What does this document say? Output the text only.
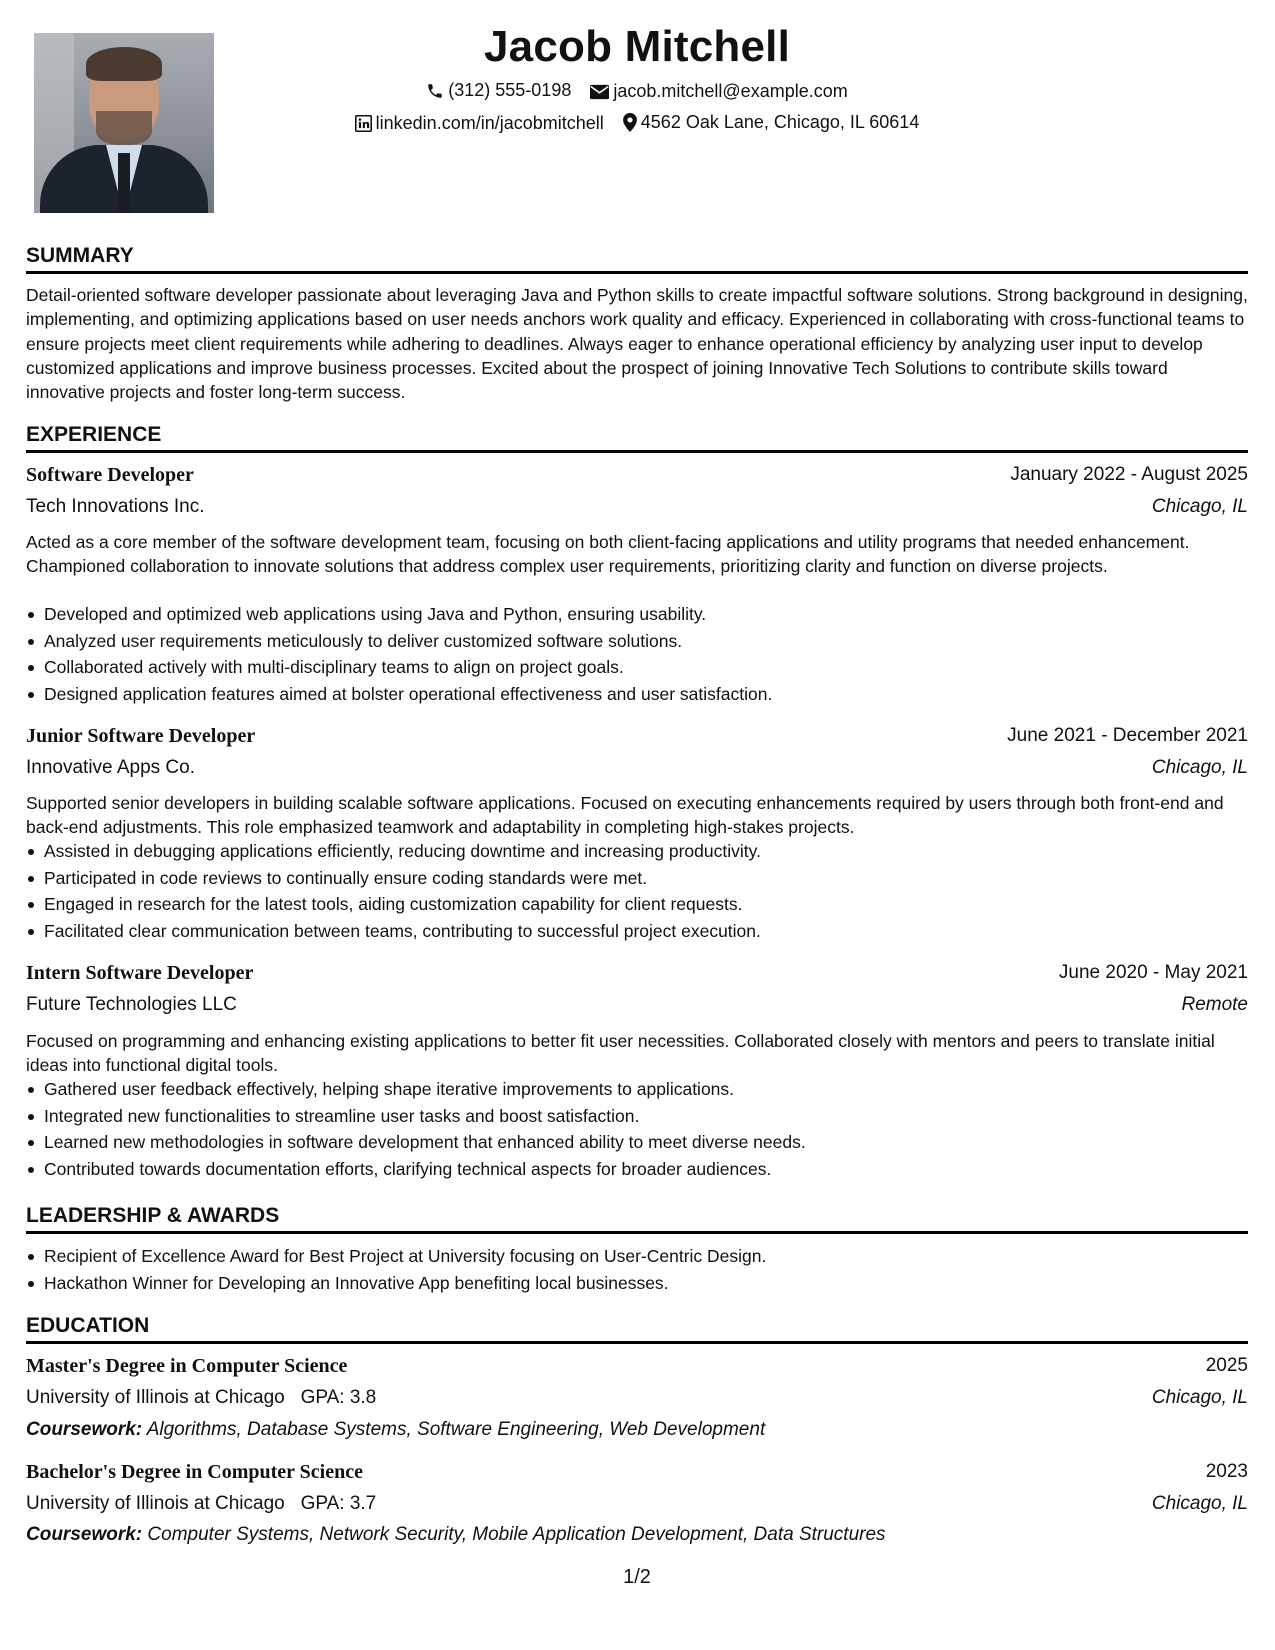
Jacob Mitchell
(312) 555-0198
jacob.mitchell@example.com
linkedin.com/in/jacobmitchell
4562 Oak Lane, Chicago, IL 60614
SUMMARY
Detail-oriented software developer passionate about leveraging Java and Python skills to create impactful software solutions. Strong background in designing, implementing, and optimizing applications based on user needs anchors work quality and efficacy. Experienced in collaborating with cross-functional teams to ensure projects meet client requirements while adhering to deadlines. Always eager to enhance operational efficiency by analyzing user input to develop customized applications and improve business processes. Excited about the prospect of joining Innovative Tech Solutions to contribute skills toward innovative projects and foster long-term success.
EXPERIENCE
Software Developer	January 2022 - August 2025
Tech Innovations Inc.	Chicago, IL
Acted as a core member of the software development team, focusing on both client-facing applications and utility programs that needed enhancement. Championed collaboration to innovate solutions that address complex user requirements, prioritizing clarity and function on diverse projects.
Developed and optimized web applications using Java and Python, ensuring usability.
Analyzed user requirements meticulously to deliver customized software solutions.
Collaborated actively with multi-disciplinary teams to align on project goals.
Designed application features aimed at bolster operational effectiveness and user satisfaction.
Junior Software Developer	June 2021 - December 2021
Innovative Apps Co.	Chicago, IL
Supported senior developers in building scalable software applications. Focused on executing enhancements required by users through both front-end and back-end adjustments. This role emphasized teamwork and adaptability in completing high-stakes projects.
Assisted in debugging applications efficiently, reducing downtime and increasing productivity.
Participated in code reviews to continually ensure coding standards were met.
Engaged in research for the latest tools, aiding customization capability for client requests.
Facilitated clear communication between teams, contributing to successful project execution.
Intern Software Developer	June 2020 - May 2021
Future Technologies LLC	Remote
Focused on programming and enhancing existing applications to better fit user necessities. Collaborated closely with mentors and peers to translate initial ideas into functional digital tools.
Gathered user feedback effectively, helping shape iterative improvements to applications.
Integrated new functionalities to streamline user tasks and boost satisfaction.
Learned new methodologies in software development that enhanced ability to meet diverse needs.
Contributed towards documentation efforts, clarifying technical aspects for broader audiences.
LEADERSHIP & AWARDS
Recipient of Excellence Award for Best Project at University focusing on User-Centric Design.
Hackathon Winner for Developing an Innovative App benefiting local businesses.
EDUCATION
Master's Degree in Computer Science	2025
University of Illinois at Chicago GPA: 3.8	Chicago, IL
Coursework: Algorithms, Database Systems, Software Engineering, Web Development
Bachelor's Degree in Computer Science	2023
University of Illinois at Chicago GPA: 3.7	Chicago, IL
Coursework: Computer Systems, Network Security, Mobile Application Development, Data Structures
1/2
